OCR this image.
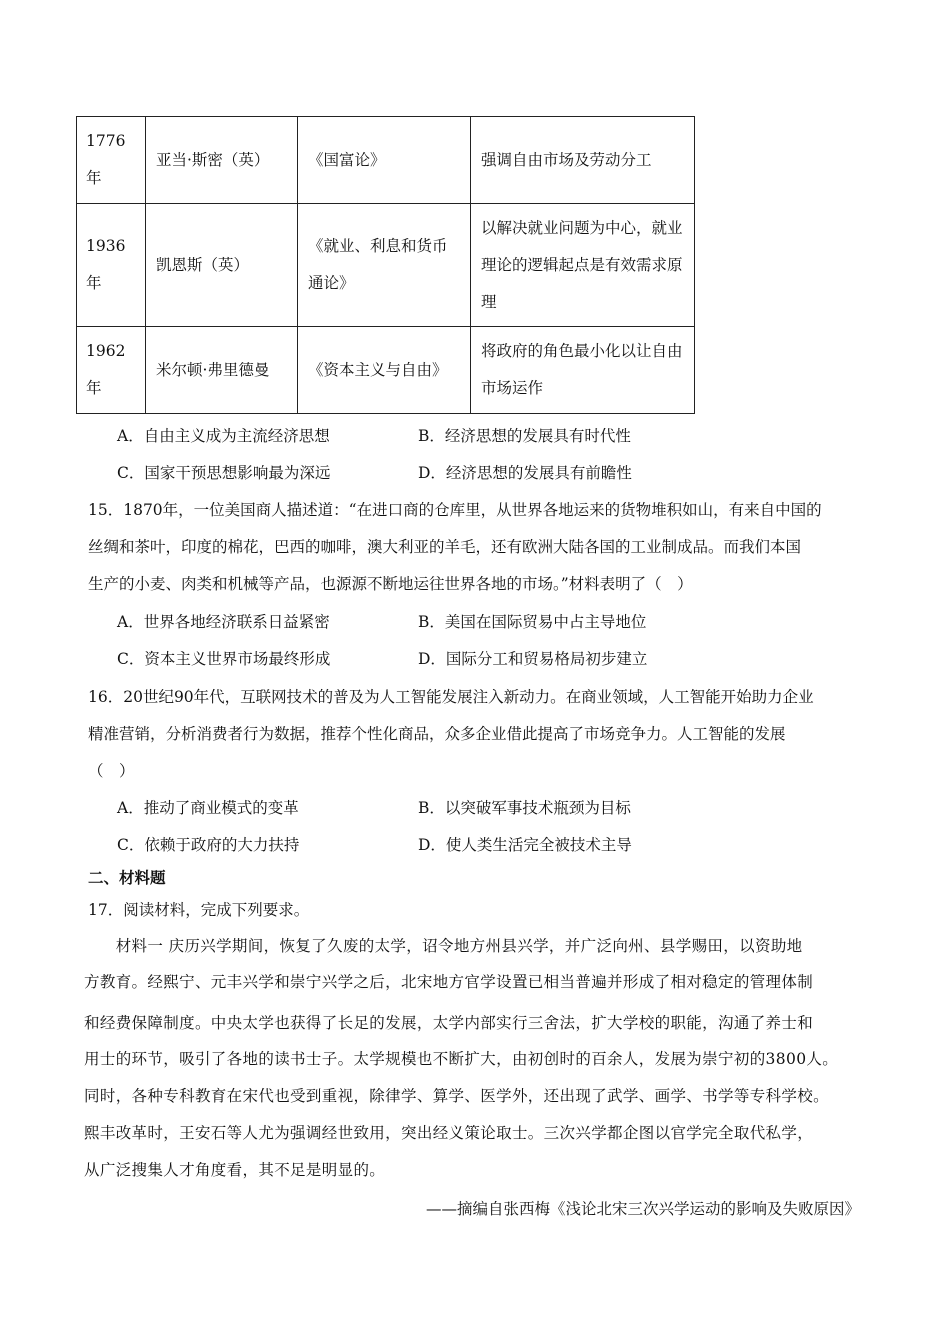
1776年	亚当·斯密（英）	《国富论》	强调自由市场及劳动分工
1936年	凯恩斯（英）	《就业、利息和货币通论》	以解决就业问题为中心，就业理论的逻辑起点是有效需求原理
1962年	米尔顿·弗里德曼	《资本主义与自由》	将政府的角色最小化以让自由市场运作
A．自由主义成为主流经济思想	B．经济思想的发展具有时代性
C．国家干预思想影响最为深远	D．经济思想的发展具有前瞻性
15．1870年，一位美国商人描述道：“在进口商的仓库里，从世界各地运来的货物堆积如山，有来自中国的
丝绸和茶叶，印度的棉花，巴西的咖啡，澳大利亚的羊毛，还有欧洲大陆各国的工业制成品。而我们本国
生产的小麦、肉类和机械等产品，也源源不断地运往世界各地的市场。”材料表明了（　）
A．世界各地经济联系日益紧密	B．美国在国际贸易中占主导地位
C．资本主义世界市场最终形成	D．国际分工和贸易格局初步建立
16．20世纪90年代，互联网技术的普及为人工智能发展注入新动力。在商业领域，人工智能开始助力企业
精准营销，分析消费者行为数据，推荐个性化商品，众多企业借此提高了市场竞争力。人工智能的发展
（　）
A．推动了商业模式的变革	B．以突破军事技术瓶颈为目标
C．依赖于政府的大力扶持	D．使人类生活完全被技术主导
二、材料题
17．阅读材料，完成下列要求。
　　材料一 庆历兴学期间，恢复了久废的太学，诏令地方州县兴学，并广泛向州、县学赐田，以资助地
方教育。经熙宁、元丰兴学和崇宁兴学之后，北宋地方官学设置已相当普遍并形成了相对稳定的管理体制
和经费保障制度。中央太学也获得了长足的发展，太学内部实行三舍法，扩大学校的职能，沟通了养士和
用士的环节，吸引了各地的读书士子。太学规模也不断扩大，由初创时的百余人，发展为崇宁初的3800人。
同时，各种专科教育在宋代也受到重视，除律学、算学、医学外，还出现了武学、画学、书学等专科学校。
熙丰改革时，王安石等人尤为强调经世致用，突出经义策论取士。三次兴学都企图以官学完全取代私学，
从广泛搜集人才角度看，其不足是明显的。
——摘编自张西梅《浅论北宋三次兴学运动的影响及失败原因》
